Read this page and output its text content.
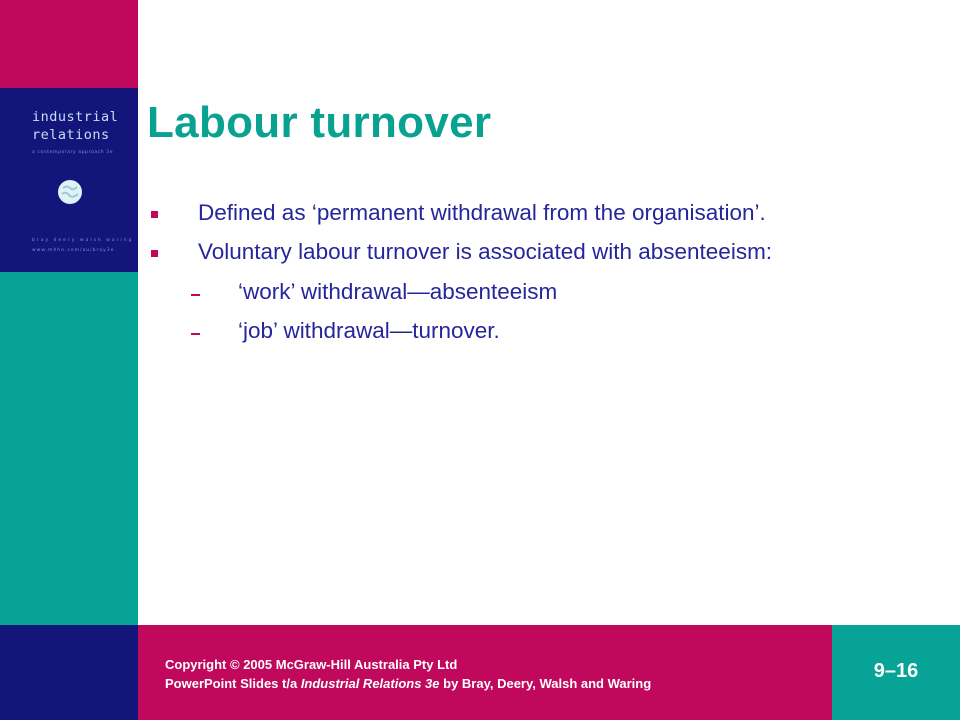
industrial
relations
a contemporary approach 3e
bray deery walsh waring
www.mhhe.com/au/bray3e
Labour turnover
Defined as ‘permanent withdrawal from the organisation’.
Voluntary labour turnover is associated with absenteeism:
‘work’ withdrawal—absenteeism
‘job’ withdrawal—turnover.
Copyright © 2005 McGraw-Hill Australia Pty Ltd
PowerPoint Slides t/a Industrial Relations 3e by Bray, Deery, Walsh and Waring
9–16
